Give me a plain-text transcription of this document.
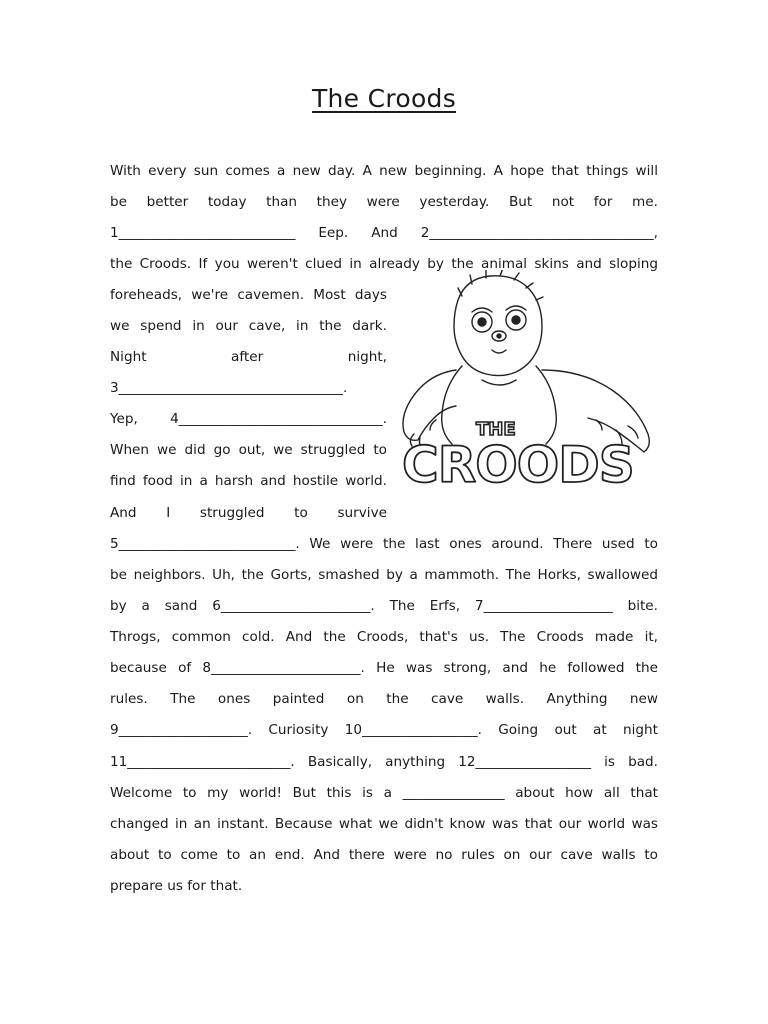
The Croods
With every sun comes a new day. A new beginning. A hope that things will
be better today than they were yesterday. But not for me.
1__________________________ Eep. And 2_________________________________,
the Croods. If you weren't clued in already by the animal skins and sloping
foreheads, we're cavemen. Most days
we spend in our cave, in the dark.
Night after night,
3_________________________________.
Yep, 4______________________________.
When we did go out, we struggled to
find food in a harsh and hostile world.
And I struggled to survive
5__________________________. We were the last ones around. There used to
be neighbors. Uh, the Gorts, smashed by a mammoth. The Horks, swallowed
by a sand 6______________________. The Erfs, 7___________________ bite.
Throgs, common cold. And the Croods, that's us. The Croods made it,
because of 8______________________. He was strong, and he followed the
rules. The ones painted on the cave walls. Anything new
9___________________. Curiosity 10_________________. Going out at night
11________________________. Basically, anything 12_________________ is bad.
Welcome to my world! But this is a _______________ about how all that
changed in an instant. Because what we didn't know was that our world was
about to come to an end. And there were no rules on our cave walls to
prepare us for that.
THE
CROODS
